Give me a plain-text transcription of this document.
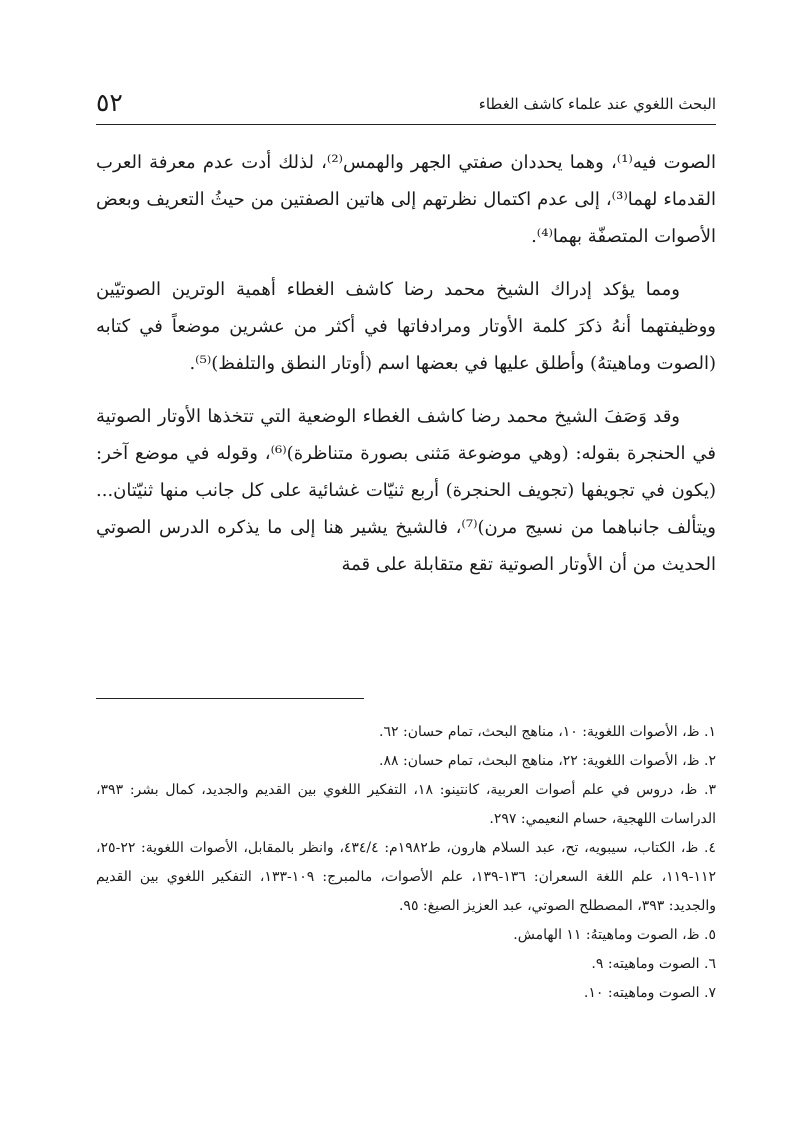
البحث اللغوي عند علماء كاشف الغطاء
٥٢

الصوت فيه⁽¹⁾، وهما يحددان صفتي الجهر والهمس⁽²⁾، لذلك أدت عدم معرفة العرب القدماء لهما⁽³⁾، إلى عدم اكتمال نظرتهم إلى هاتين الصفتين من حيثُ التعريف وبعض الأصوات المتصفّة بهما⁽⁴⁾.

ومما يؤكد إدراك الشيخ محمد رضا كاشف الغطاء أهمية الوترين الصوتيّين ووظيفتهما أنهُ ذكرَ كلمة الأوتار ومرادفاتها في أكثر من عشرين موضعاً في كتابه (الصوت وماهيتهُ) وأطلق عليها في بعضها اسم (أوتار النطق والتلفظ)⁽⁵⁾.

وقد وَصَفَ الشيخ محمد رضا كاشف الغطاء الوضعية التي تتخذها الأوتار الصوتية في الحنجرة بقوله: (وهي موضوعة مَثنى بصورة متناظرة)⁽⁶⁾، وقوله في موضع آخر: (يكون في تجويفها (تجويف الحنجرة) أربع ثنيّات غشائية على كل جانب منها ثنيّتان... ويتألف جانباهما من نسيج مرن)⁽⁷⁾، فالشيخ يشير هنا إلى ما يذكره الدرس الصوتي الحديث من أن الأوتار الصوتية تقع متقابلة على قمة

١. ظ، الأصوات اللغوية: ١٠، مناهج البحث، تمام حسان: ٦٢.
٢. ظ، الأصوات اللغوية: ٢٢، مناهج البحث، تمام حسان: ٨٨.
٣. ظ، دروس في علم أصوات العربية، كانتينو: ١٨، التفكير اللغوي بين القديم والجديد، كمال بشر: ٣٩٣، الدراسات اللهجية، حسام النعيمي: ٢٩٧.
٤. ظ، الكتاب، سيبويه، تح، عبد السلام هارون، ط١٩٨٢م: ٤٣٤/٤، وانظر بالمقابل، الأصوات اللغوية: ٢٢-٢٥، ١١٢-١١٩، علم اللغة السعران: ١٣٦-١٣٩، علم الأصوات، مالمبرج: ١٠٩-١٣٣، التفكير اللغوي بين القديم والجديد: ٣٩٣، المصطلح الصوتي، عبد العزيز الصيغ: ٩٥.
٥. ظ، الصوت وماهيتهُ: ١١ الهامش.
٦. الصوت وماهيته: ٩.
٧. الصوت وماهيته: ١٠.
